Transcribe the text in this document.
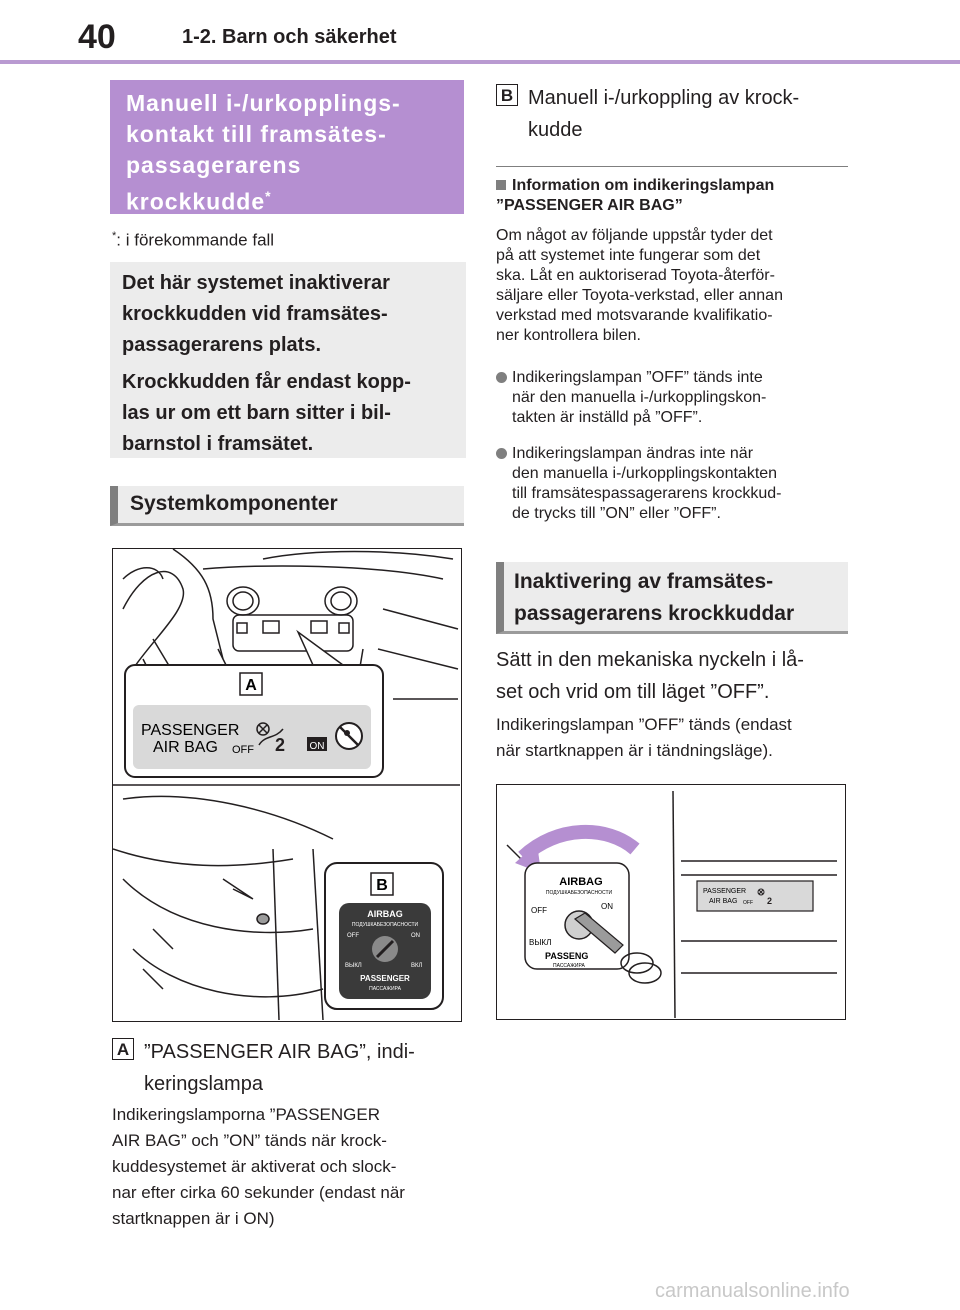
40	1-2. Barn och säkerhet
Manuell i-/urkopplings-
kontakt till framsätes-
passagerarens
krockkudde*
*: i förekommande fall

Det här systemet inaktiverar
krockkudden vid framsätes-
passagerarens plats.

Krockkudden får endast kopp-
las ur om ett barn sitter i bil-
barnstol i framsätet.

Systemkomponenter
A
PASSENGER
AIR BAG OFF 2 ON
B
AIRBAG
ПОДУШКАБЕЗОПАСНОСТИ
OFF	ON
ВЫКЛ	ВКЛ
PASSENGER
ПАССАЖИРА
A ”PASSENGER AIR BAG”, indi-
keringslampa
Indikeringslamporna ”PASSENGER
AIR BAG” och ”ON” tänds när krock-
kuddesystemet är aktiverat och slock-
nar efter cirka 60 sekunder (endast när
startknappen är i ON)
B Manuell i-/urkoppling av krock-
kudde
Information om indikeringslampan
”PASSENGER AIR BAG”
Om något av följande uppstår tyder det
på att systemet inte fungerar som det
ska. Låt en auktoriserad Toyota-återför-
säljare eller Toyota-verkstad, eller annan
verkstad med motsvarande kvalifikatio-
ner kontrollera bilen.
Indikeringslampan ”OFF” tänds inte
när den manuella i-/urkopplingskon-
takten är inställd på ”OFF”.
Indikeringslampan ändras inte när
den manuella i-/urkopplingskontakten
till framsätespassagerarens krockkud-
de trycks till ”ON” eller ”OFF”.
Inaktivering av framsätes-
passagerarens krockkuddar
Sätt in den mekaniska nyckeln i lå-
set och vrid om till läget ”OFF”.
Indikeringslampan ”OFF” tänds (endast
när startknappen är i tändningsläge).
AIRBAG
ПОДУШКАБЕЗОПАСНОСТИ
OFF	ON
ВЫКЛ
PASSENG
ПАССАЖИРА
PASSENGER
AIR BAG OFF 2
carmanualsonline.info
